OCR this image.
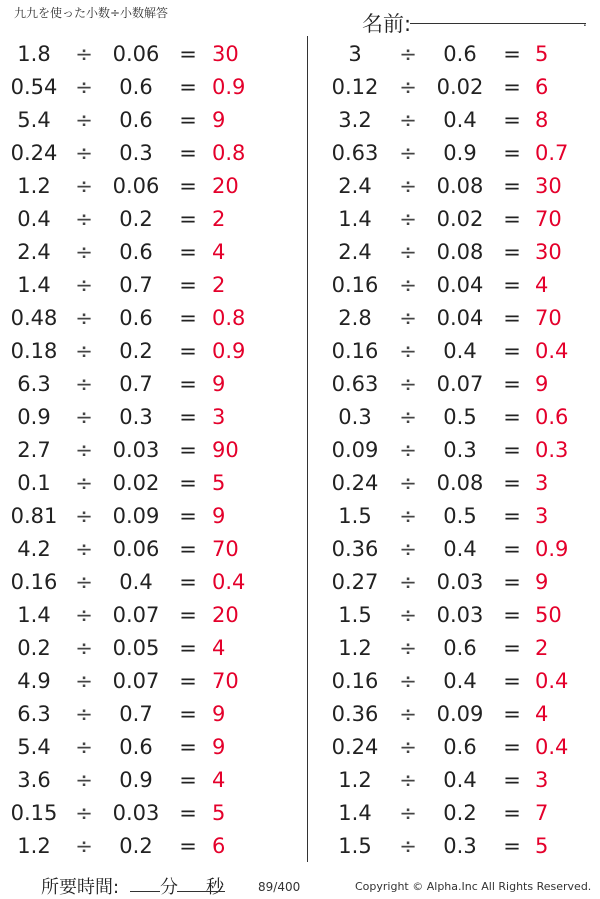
九九を使った小数÷小数解答	名前:	.
1.8	÷ 0.06 = 30
0.54 ÷	0.6	= 0.9
5.4	÷	0.6	= 9
0.24 ÷	0.3	= 0.8
1.2	÷ 0.06 = 20
0.4	÷	0.2	= 2
2.4	÷	0.6	= 4
1.4	÷	0.7	= 2
0.48 ÷	0.6	= 0.8
0.18 ÷	0.2	= 0.9
6.3	÷	0.7	= 9
0.9	÷	0.3	= 3
2.7	÷ 0.03 = 90
0.1	÷ 0.02 = 5
0.81 ÷ 0.09 = 9
4.2	÷ 0.06 = 70
0.16 ÷	0.4	= 0.4
1.4	÷ 0.07 = 20
0.2	÷ 0.05 = 4
4.9	÷ 0.07 = 70
6.3	÷	0.7	= 9
5.4	÷	0.6	= 9
3.6	÷	0.9	= 4
0.15 ÷ 0.03 = 5
1.2	÷	0.2	= 6
3	÷	0.6	= 5
0.12 ÷ 0.02 = 6
3.2	÷	0.4	= 8
0.63 ÷	0.9	= 0.7
2.4	÷ 0.08 = 30
1.4	÷ 0.02 = 70
2.4	÷ 0.08 = 30
0.16 ÷ 0.04 = 4
2.8	÷ 0.04 = 70
0.16 ÷	0.4	= 0.4
0.63 ÷ 0.07 = 9
0.3	÷	0.5	= 0.6
0.09 ÷	0.3	= 0.3
0.24 ÷ 0.08 = 3
1.5	÷	0.5	= 3
0.36 ÷	0.4	= 0.9
0.27 ÷ 0.03 = 9
1.5	÷ 0.03 = 50
1.2	÷	0.6	= 2
0.16 ÷	0.4	= 0.4
0.36 ÷ 0.09 = 4
0.24 ÷	0.6	= 0.4
1.2	÷	0.4	= 3
1.4	÷	0.2	= 7
1.5	÷	0.3	= 5
所要時間: 分 秒	89/400	Copyright © Alpha.Inc All Rights Reserved.
